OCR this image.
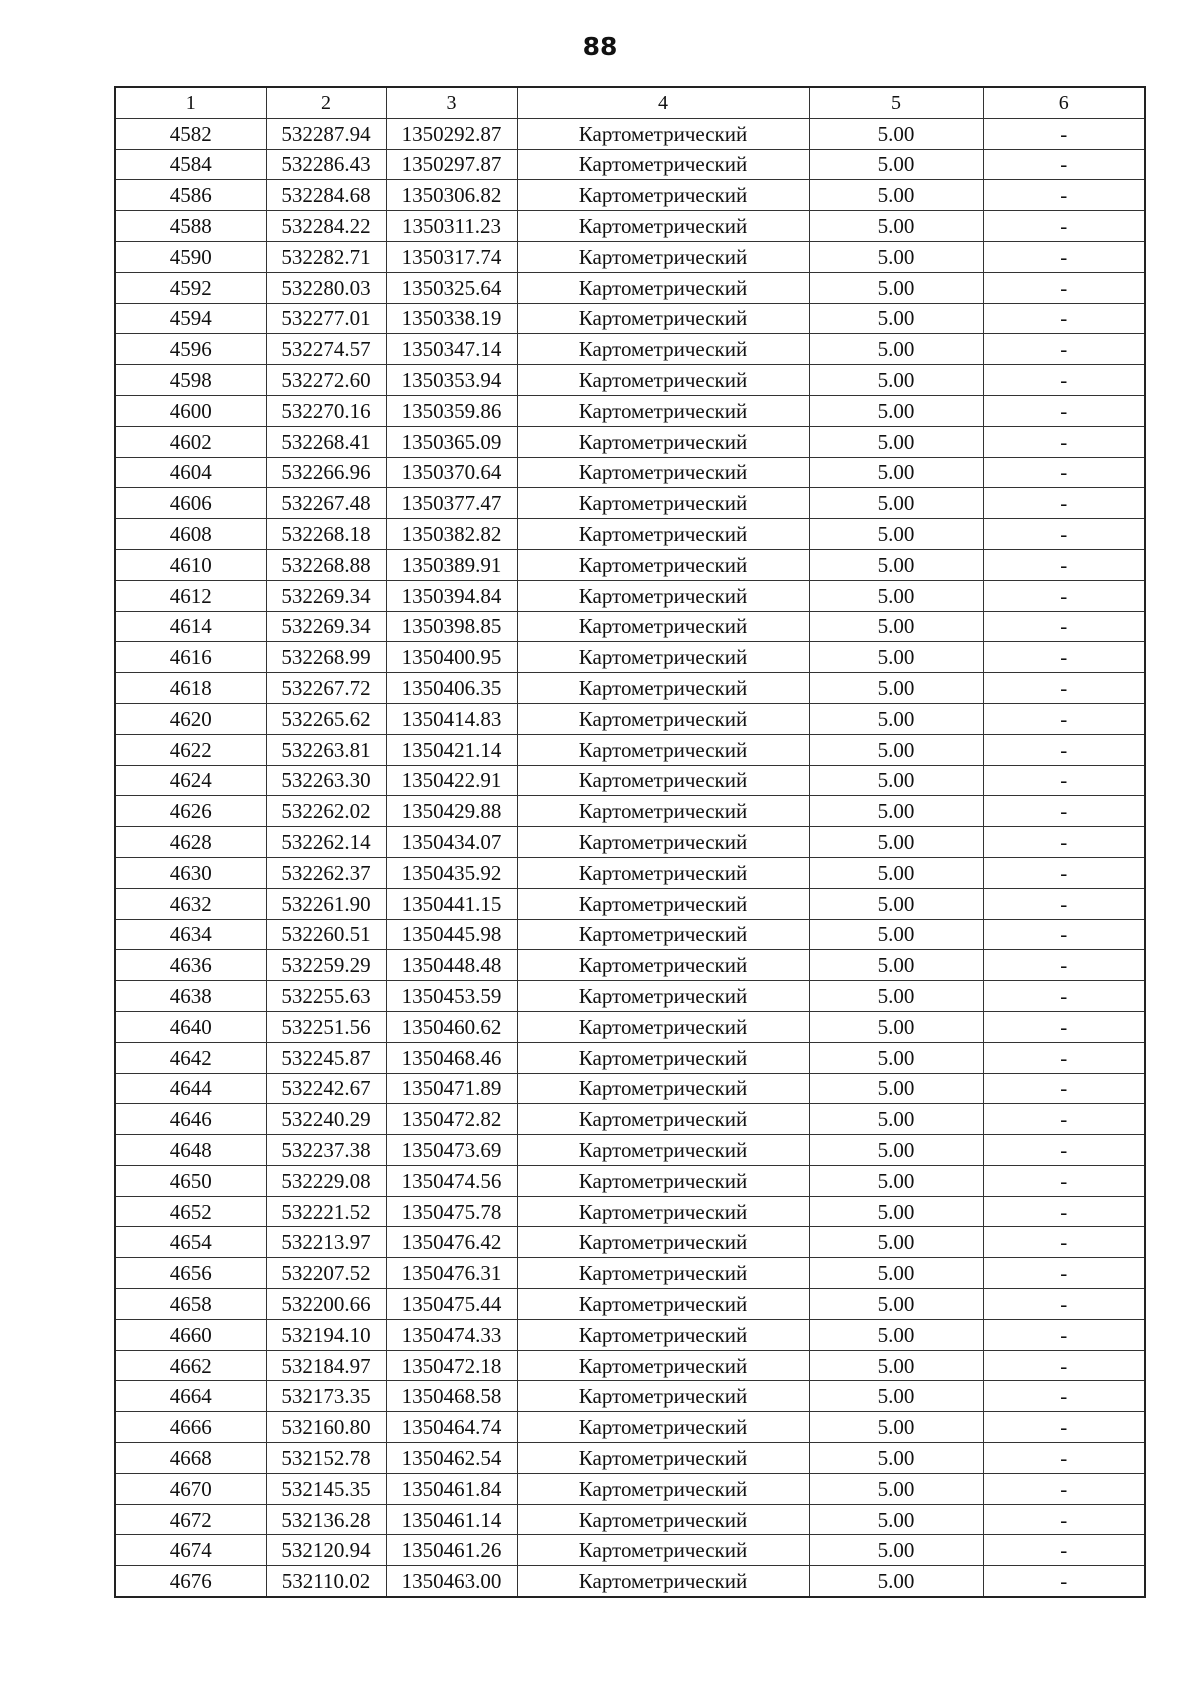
88
1	2	3	4	5	6
4582	532287.94	1350292.87	Картометрический	5.00	-
4584	532286.43	1350297.87	Картометрический	5.00	-
4586	532284.68	1350306.82	Картометрический	5.00	-
4588	532284.22	1350311.23	Картометрический	5.00	-
4590	532282.71	1350317.74	Картометрический	5.00	-
4592	532280.03	1350325.64	Картометрический	5.00	-
4594	532277.01	1350338.19	Картометрический	5.00	-
4596	532274.57	1350347.14	Картометрический	5.00	-
4598	532272.60	1350353.94	Картометрический	5.00	-
4600	532270.16	1350359.86	Картометрический	5.00	-
4602	532268.41	1350365.09	Картометрический	5.00	-
4604	532266.96	1350370.64	Картометрический	5.00	-
4606	532267.48	1350377.47	Картометрический	5.00	-
4608	532268.18	1350382.82	Картометрический	5.00	-
4610	532268.88	1350389.91	Картометрический	5.00	-
4612	532269.34	1350394.84	Картометрический	5.00	-
4614	532269.34	1350398.85	Картометрический	5.00	-
4616	532268.99	1350400.95	Картометрический	5.00	-
4618	532267.72	1350406.35	Картометрический	5.00	-
4620	532265.62	1350414.83	Картометрический	5.00	-
4622	532263.81	1350421.14	Картометрический	5.00	-
4624	532263.30	1350422.91	Картометрический	5.00	-
4626	532262.02	1350429.88	Картометрический	5.00	-
4628	532262.14	1350434.07	Картометрический	5.00	-
4630	532262.37	1350435.92	Картометрический	5.00	-
4632	532261.90	1350441.15	Картометрический	5.00	-
4634	532260.51	1350445.98	Картометрический	5.00	-
4636	532259.29	1350448.48	Картометрический	5.00	-
4638	532255.63	1350453.59	Картометрический	5.00	-
4640	532251.56	1350460.62	Картометрический	5.00	-
4642	532245.87	1350468.46	Картометрический	5.00	-
4644	532242.67	1350471.89	Картометрический	5.00	-
4646	532240.29	1350472.82	Картометрический	5.00	-
4648	532237.38	1350473.69	Картометрический	5.00	-
4650	532229.08	1350474.56	Картометрический	5.00	-
4652	532221.52	1350475.78	Картометрический	5.00	-
4654	532213.97	1350476.42	Картометрический	5.00	-
4656	532207.52	1350476.31	Картометрический	5.00	-
4658	532200.66	1350475.44	Картометрический	5.00	-
4660	532194.10	1350474.33	Картометрический	5.00	-
4662	532184.97	1350472.18	Картометрический	5.00	-
4664	532173.35	1350468.58	Картометрический	5.00	-
4666	532160.80	1350464.74	Картометрический	5.00	-
4668	532152.78	1350462.54	Картометрический	5.00	-
4670	532145.35	1350461.84	Картометрический	5.00	-
4672	532136.28	1350461.14	Картометрический	5.00	-
4674	532120.94	1350461.26	Картометрический	5.00	-
4676	532110.02	1350463.00	Картометрический	5.00	-
